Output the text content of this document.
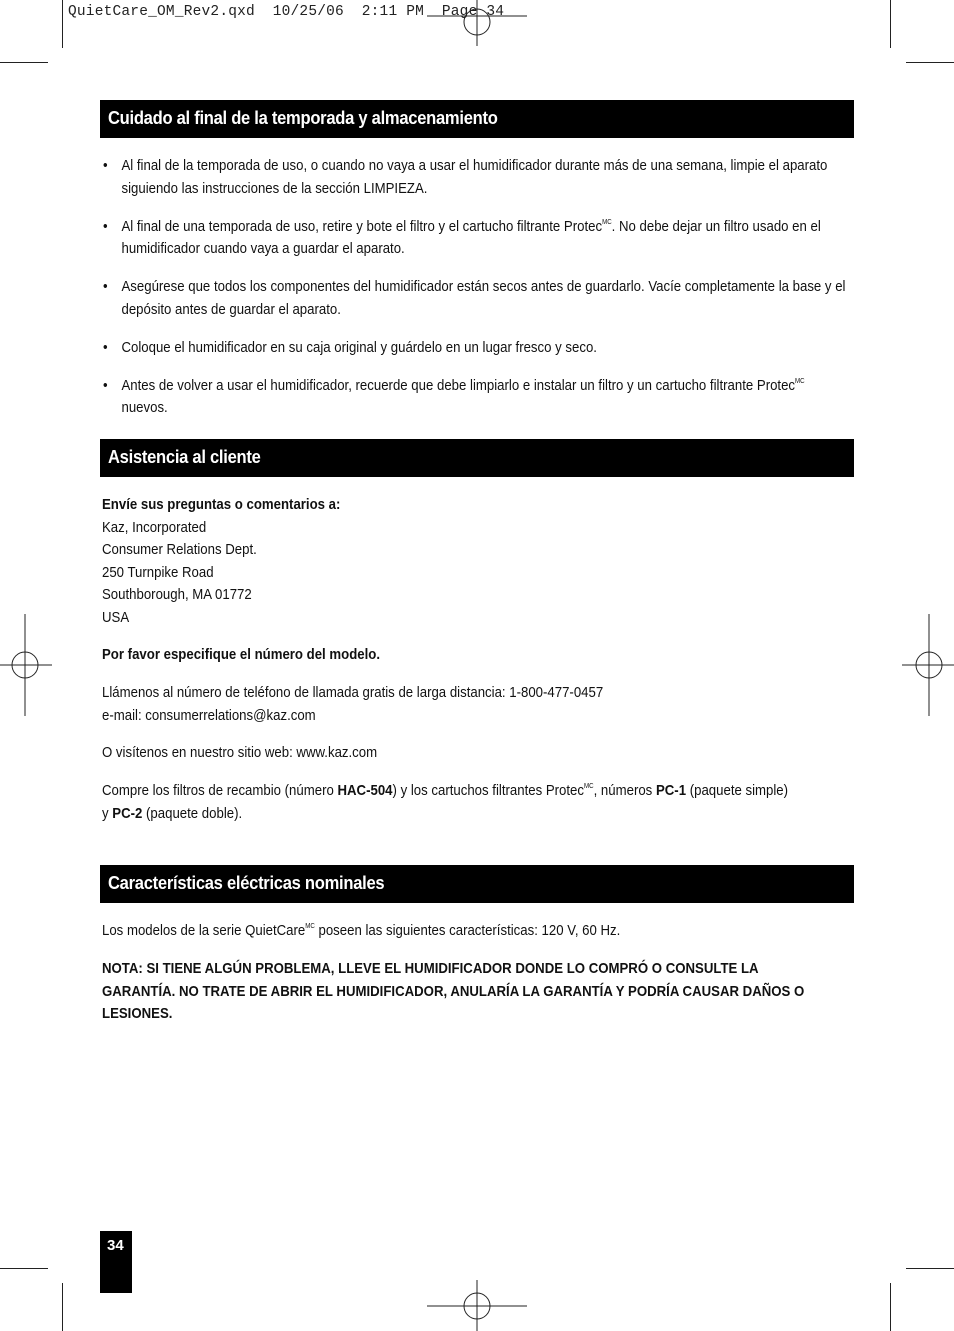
QuietCare_OM_Rev2.qxd  10/25/06  2:11 PM  Page 34
Cuidado al final de la temporada y almacenamiento
• Al final de la temporada de uso, o cuando no vaya a usar el humidificador durante más de una semana, limpie el aparato siguiendo las instrucciones de la sección LIMPIEZA.
• Al final de una temporada de uso, retire y bote el filtro y el cartucho filtrante Protec$^{MC}$. No debe dejar un filtro usado en el humidificador cuando vaya a guardar el aparato.
• Asegúrese que todos los componentes del humidificador están secos antes de guardarlo. Vacíe completamente la base y el depósito antes de guardar el aparato.
• Coloque el humidificador en su caja original y guárdelo en un lugar fresco y seco.
• Antes de volver a usar el humidificador, recuerde que debe limpiarlo e instalar un filtro y un cartucho filtrante Protec$^{MC}$
nuevos.
Asistencia al cliente
Envíe sus preguntas o comentarios a:
Kaz, Incorporated
Consumer Relations Dept.
250 Turnpike Road
Southborough, MA 01772
USA
Por favor especifique el número del modelo.
Llámenos al número de teléfono de llamada gratis de larga distancia: 1-800-477-0457
e-mail: consumerrelations@kaz.com
O visítenos en nuestro sitio web: www.kaz.com
Compre los filtros de recambio (número HAC-504) y los cartuchos filtrantes Protec$^{MC}$, números PC-1 (paquete simple)
y PC-2 (paquete doble).
Características eléctricas nominales
Los modelos de la serie QuietCare$^{MC}$ poseen las siguientes características: 120 V, 60 Hz.
NOTA: SI TIENE ALGÚN PROBLEMA, LLEVE EL HUMIDIFICADOR DONDE LO COMPRÓ O CONSULTE LA GARANTÍA. NO TRATE DE ABRIR EL HUMIDIFICADOR, ANULARÍA LA GARANTÍA Y PODRÍA CAUSAR DAÑOS O LESIONES.
34
